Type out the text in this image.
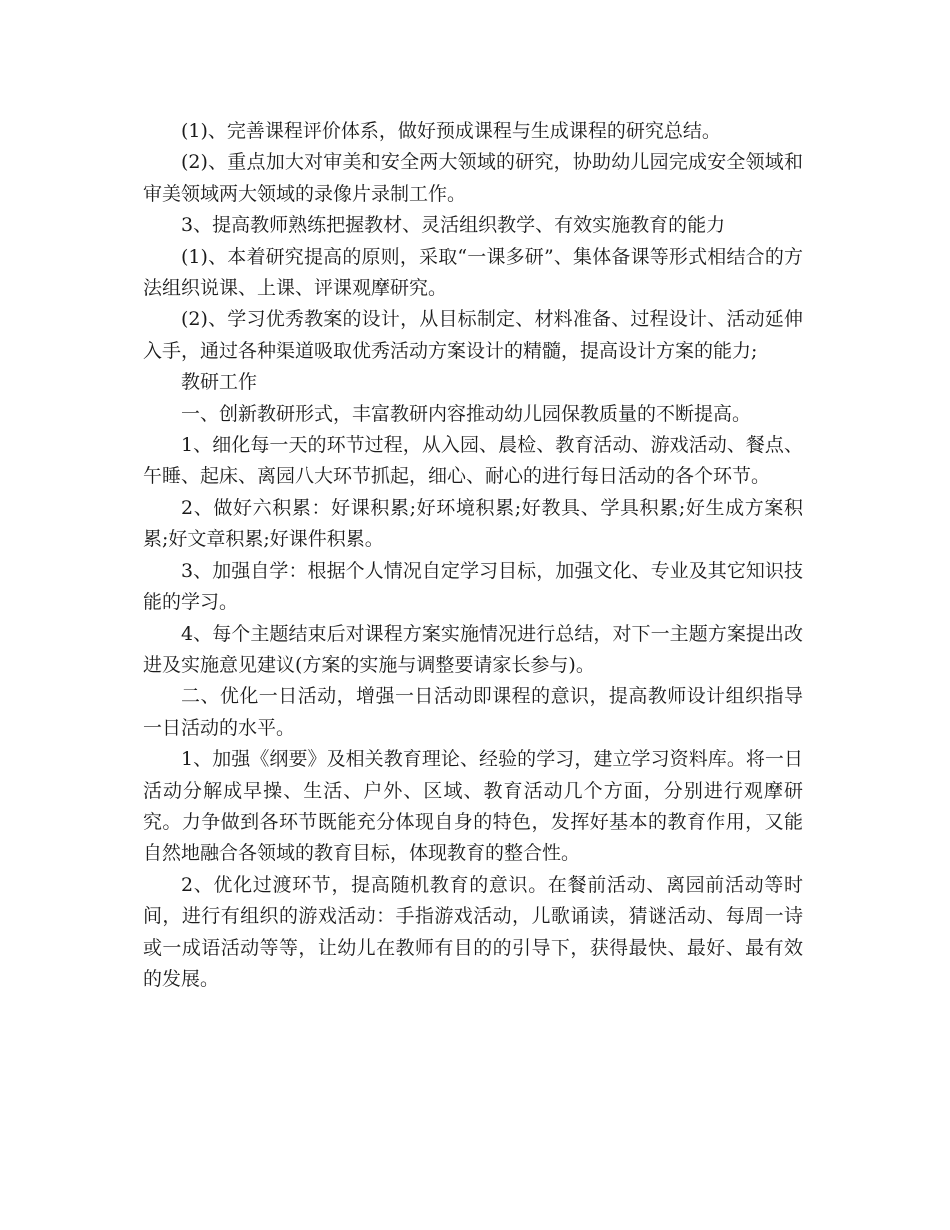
(1)、完善课程评价体系，做好预成课程与生成课程的研究总结。

(2)、重点加大对审美和安全两大领域的研究，协助幼儿园完成安全领域和审美领域两大领域的录像片录制工作。

3、提高教师熟练把握教材、灵活组织教学、有效实施教育的能力

(1)、本着研究提高的原则，采取“一课多研”、集体备课等形式相结合的方法组织说课、上课、评课观摩研究。

(2)、学习优秀教案的设计，从目标制定、材料准备、过程设计、活动延伸入手，通过各种渠道吸取优秀活动方案设计的精髓，提高设计方案的能力;

教研工作

一、创新教研形式，丰富教研内容推动幼儿园保教质量的不断提高。

1、细化每一天的环节过程，从入园、晨检、教育活动、游戏活动、餐点、午睡、起床、离园八大环节抓起，细心、耐心的进行每日活动的各个环节。

2、做好六积累：好课积累;好环境积累;好教具、学具积累;好生成方案积累;好文章积累;好课件积累。

3、加强自学：根据个人情况自定学习目标，加强文化、专业及其它知识技能的学习。

4、每个主题结束后对课程方案实施情况进行总结，对下一主题方案提出改进及实施意见建议(方案的实施与调整要请家长参与)。

二、优化一日活动，增强一日活动即课程的意识，提高教师设计组织指导一日活动的水平。

1、加强《纲要》及相关教育理论、经验的学习，建立学习资料库。将一日活动分解成早操、生活、户外、区域、教育活动几个方面，分别进行观摩研究。力争做到各环节既能充分体现自身的特色，发挥好基本的教育作用，又能自然地融合各领域的教育目标，体现教育的整合性。

2、优化过渡环节，提高随机教育的意识。在餐前活动、离园前活动等时间，进行有组织的游戏活动：手指游戏活动，儿歌诵读，猜谜活动、每周一诗或一成语活动等等，让幼儿在教师有目的的引导下，获得最快、最好、最有效的发展。
